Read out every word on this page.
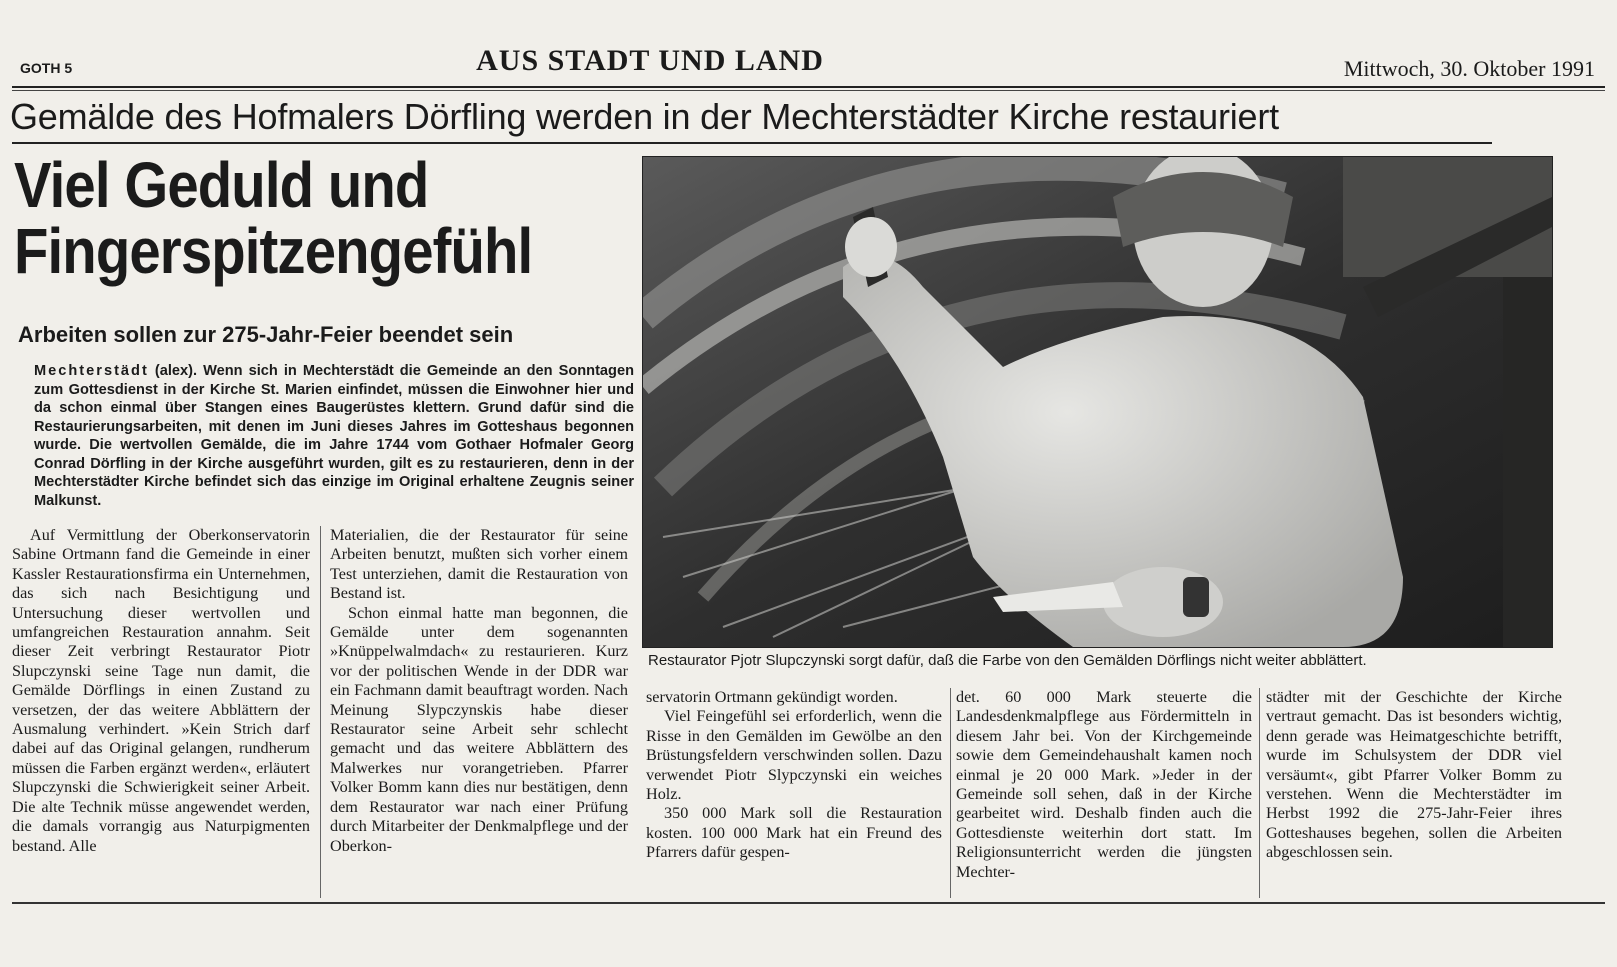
GOTH 5	AUS STADT UND LAND	Mittwoch, 30. Oktober 1991
Gemälde des Hofmalers Dörfling werden in der Mechterstädter Kirche restauriert
Viel Geduld und
Fingerspitzengefühl
Arbeiten sollen zur 275-Jahr-Feier beendet sein
Mechterstädt (alex). Wenn sich in Mechterstädt die Gemeinde an den Sonntagen zum Gottesdienst in der Kirche St. Marien einfindet, müssen die Einwohner hier und da schon einmal über Stangen eines Baugerüstes klettern. Grund dafür sind die Restaurierungsarbeiten, mit denen im Juni dieses Jahres im Gotteshaus begonnen wurde. Die wertvollen Gemälde, die im Jahre 1744 vom Gothaer Hofmaler Georg Conrad Dörfling in der Kirche ausgeführt wurden, gilt es zu restaurieren, denn in der Mechterstädter Kirche befindet sich das einzige im Original erhaltene Zeugnis seiner Malkunst.

Auf Vermittlung der Oberkonservatorin Sabine Ortmann fand die Gemeinde in einer Kassler Restaurationsfirma ein Unternehmen, das sich nach Besichtigung und Untersuchung dieser wertvollen und umfangreichen Restauration annahm. Seit dieser Zeit verbringt Restaurator Piotr Slupczynski seine Tage nun damit, die Gemälde Dörflings in einen Zustand zu versetzen, der das weitere Abblättern der Ausmalung verhindert. »Kein Strich darf dabei auf das Original gelangen, rundherum müssen die Farben ergänzt werden«, erläutert Slupczynski die Schwierigkeit seiner Arbeit. Die alte Technik müsse angewendet werden, die damals vorrangig aus Naturpigmenten bestand. Alle

Materialien, die der Restaurator für seine Arbeiten benutzt, mußten sich vorher einem Test unterziehen, damit die Restauration von Bestand ist.

Schon einmal hatte man begonnen, die Gemälde unter dem sogenannten »Knüppelwalmdach« zu restaurieren. Kurz vor der politischen Wende in der DDR war ein Fachmann damit beauftragt worden. Nach Meinung Slypczynskis habe dieser Restaurator seine Arbeit sehr schlecht gemacht und das weitere Abblättern des Malwerkes nur vorangetrieben. Pfarrer Volker Bomm kann dies nur bestätigen, denn dem Restaurator war nach einer Prüfung durch Mitarbeiter der Denkmalpflege und der Oberkon-

Restaurator Pjotr Slupczynski sorgt dafür, daß die Farbe von den Gemälden Dörflings nicht weiter abblättert.

servatorin Ortmann gekündigt worden.

Viel Feingefühl sei erforderlich, wenn die Risse in den Gemälden im Gewölbe an den Brüstungsfeldern verschwinden sollen. Dazu verwendet Piotr Slypczynski ein weiches Holz.

350 000 Mark soll die Restauration kosten. 100 000 Mark hat ein Freund des Pfarrers dafür gespen-

det. 60 000 Mark steuerte die Landesdenkmalpflege aus Fördermitteln in diesem Jahr bei. Von der Kirchgemeinde sowie dem Gemeindehaushalt kamen noch einmal je 20 000 Mark. »Jeder in der Gemeinde soll sehen, daß in der Kirche gearbeitet wird. Deshalb finden auch die Gottesdienste weiterhin dort statt. Im Religionsunterricht werden die jüngsten Mechter-

städter mit der Geschichte der Kirche vertraut gemacht. Das ist besonders wichtig, denn gerade was Heimatgeschichte betrifft, wurde im Schulsystem der DDR viel versäumt«, gibt Pfarrer Volker Bomm zu verstehen. Wenn die Mechterstädter im Herbst 1992 die 275-Jahr-Feier ihres Gotteshauses begehen, sollen die Arbeiten abgeschlossen sein.
